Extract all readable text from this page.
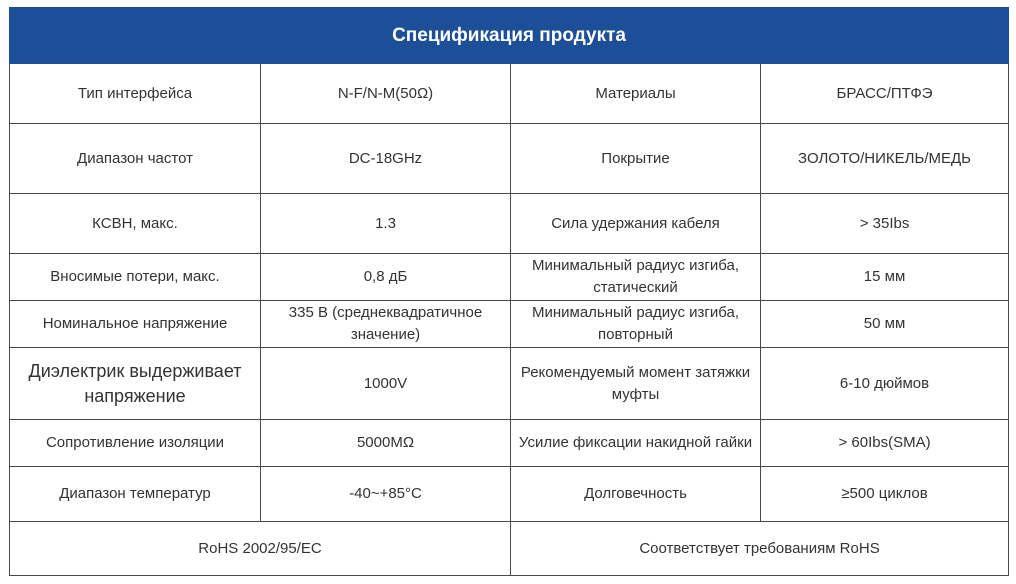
Спецификация продукта			
Тип интерфейса	N-F/N-M(50Ω)	Материалы	БРАСС/ПТФЭ
Диапазон частот	DC-18GHz	Покрытие	ЗОЛОТО/НИКЕЛЬ/МЕДЬ
КСВН, макс.	1.3	Сила удержания кабеля	> 35Ibs
Вносимые потери, макс.	0,8 дБ	Минимальный радиус изгиба, статический	15 мм
Номинальное напряжение	335 В (среднеквадратичное значение)	Минимальный радиус изгиба, повторный	50 мм
Диэлектрик выдерживает напряжение	1000V	Рекомендуемый момент затяжки муфты	6-10 дюймов
Сопротивление изоляции	5000MΩ	Усилие фиксации накидной гайки	> 60Ibs(SMA)
Диапазон температур	-40~+85°C	Долговечность	≥500 циклов
RoHS 2002/95/EC		Соответствует требованиям RoHS	
